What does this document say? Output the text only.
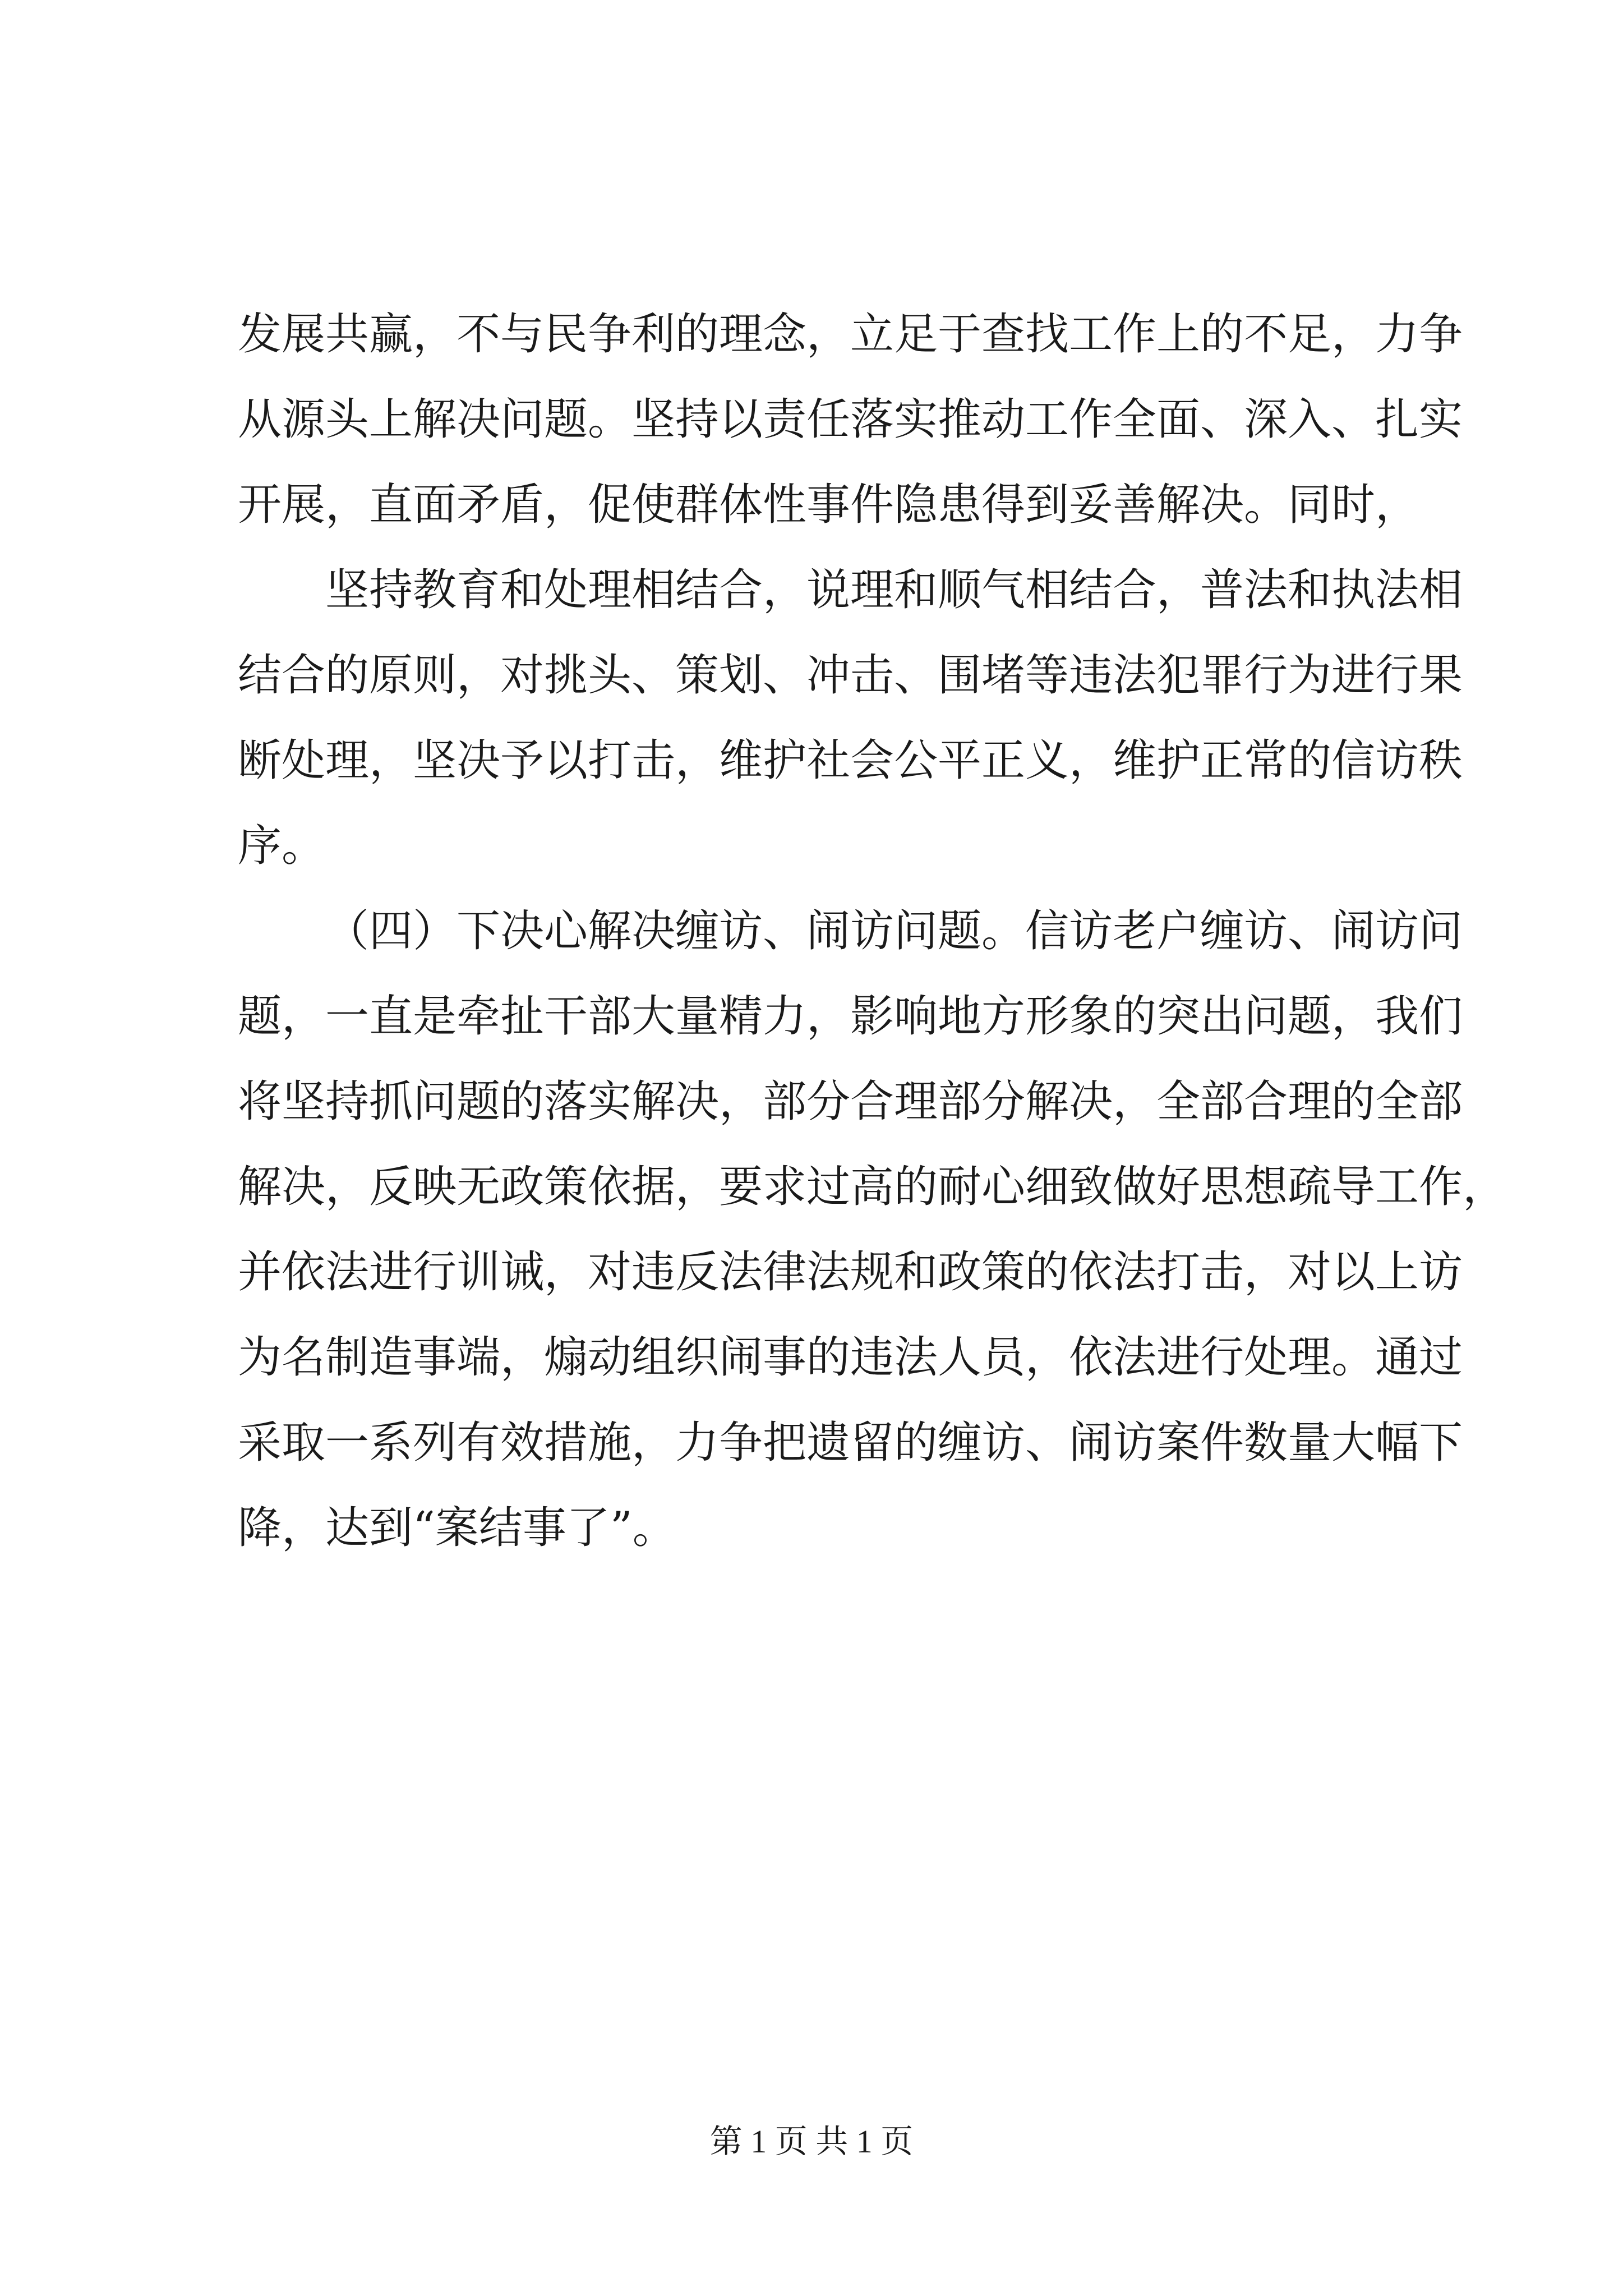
发展共赢，不与民争利的理念，立足于查找工作上的不足，力争
从源头上解决问题。坚持以责任落实推动工作全面、深入、扎实
开展，直面矛盾，促使群体性事件隐患得到妥善解决。同时，
坚持教育和处理相结合，说理和顺气相结合，普法和执法相
结合的原则，对挑头、策划、冲击、围堵等违法犯罪行为进行果
断处理，坚决予以打击，维护社会公平正义，维护正常的信访秩
序。
（四）下决心解决缠访、闹访问题。信访老户缠访、闹访问
题，一直是牵扯干部大量精力，影响地方形象的突出问题，我们
将坚持抓问题的落实解决，部分合理部分解决，全部合理的全部
解决，反映无政策依据，要求过高的耐心细致做好思想疏导工作，
并依法进行训诫，对违反法律法规和政策的依法打击，对以上访
为名制造事端，煽动组织闹事的违法人员，依法进行处理。通过
采取一系列有效措施，力争把遗留的缠访、闹访案件数量大幅下
降，达到“案结事了”。
第 1 页 共 1 页
